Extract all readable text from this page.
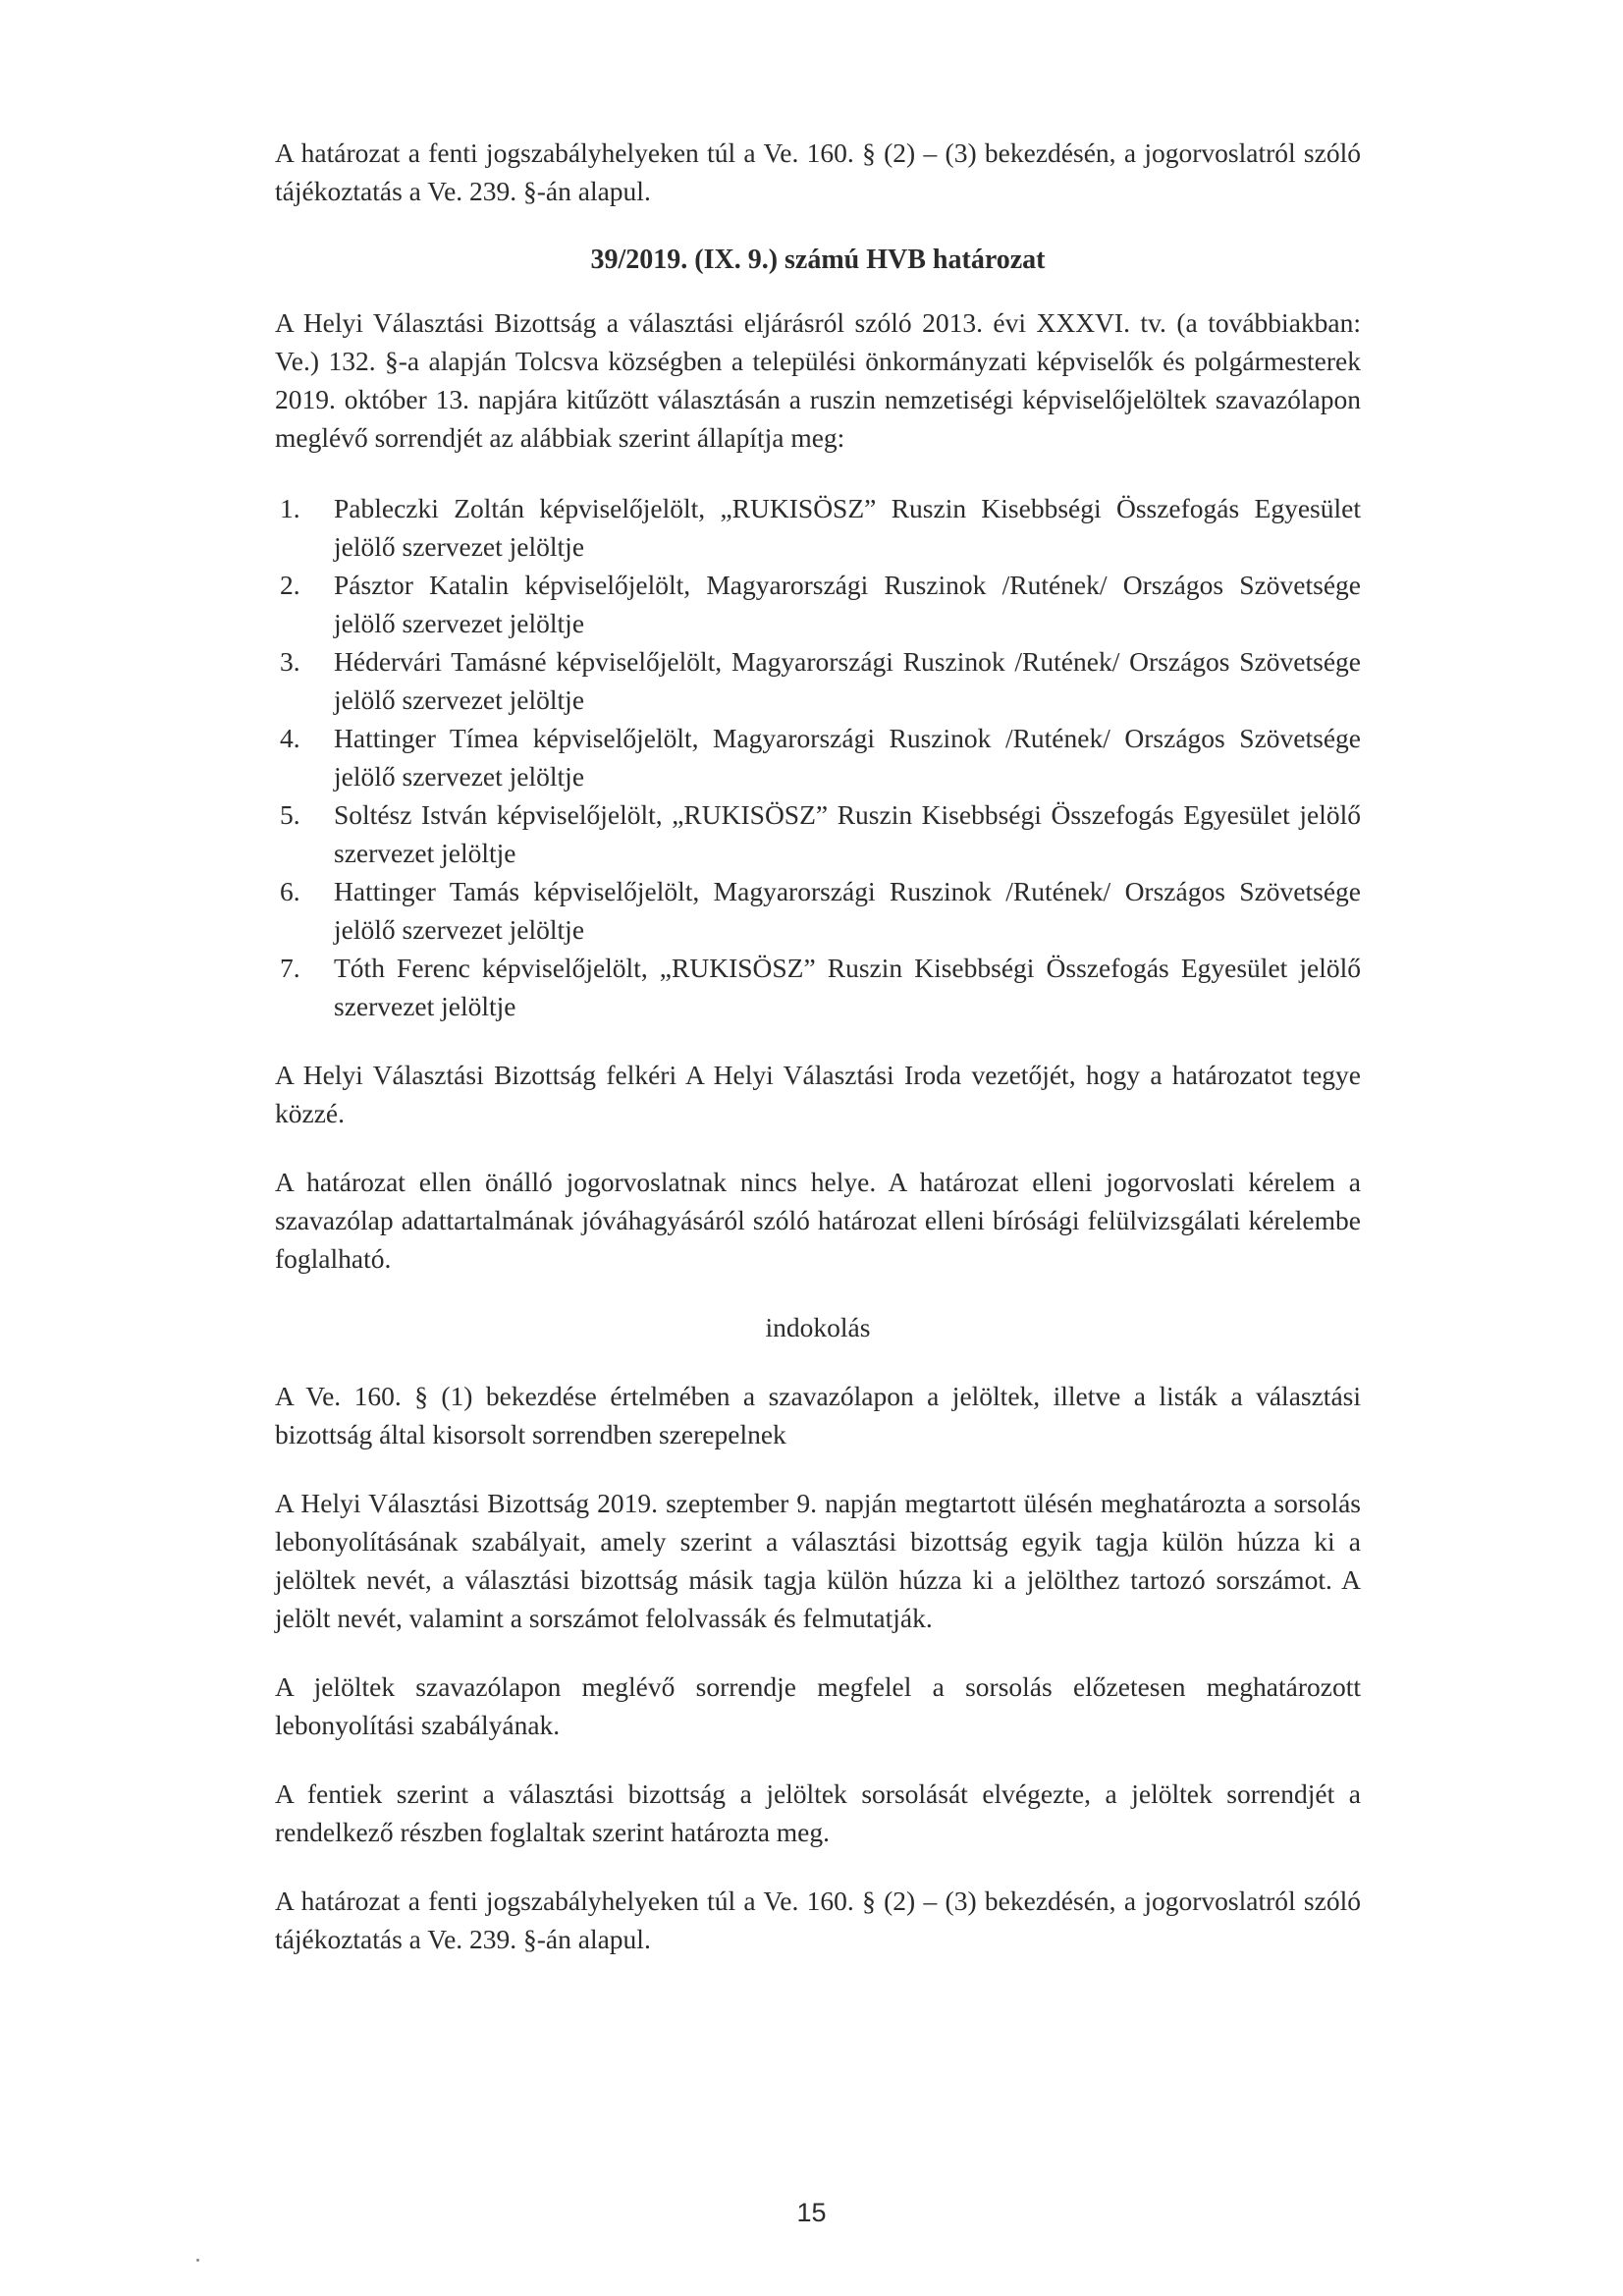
A határozat a fenti jogszabályhelyeken túl a Ve. 160. § (2) – (3) bekezdésén, a jogorvoslatról szóló tájékoztatás a Ve. 239. §-án alapul.

39/2019. (IX. 9.) számú HVB határozat

A Helyi Választási Bizottság a választási eljárásról szóló 2013. évi XXXVI. tv. (a továbbiakban: Ve.) 132. §-a alapján Tolcsva községben a települési önkormányzati képviselők és polgármesterek 2019. október 13. napjára kitűzött választásán a ruszin nemzetiségi képviselőjelöltek szavazólapon meglévő sorrendjét az alábbiak szerint állapítja meg:

1. Pableczki Zoltán képviselőjelölt, „RUKISÖSZ” Ruszin Kisebbségi Összefogás Egyesület jelölő szervezet jelöltje
2. Pásztor Katalin képviselőjelölt, Magyarországi Ruszinok /Rutének/ Országos Szövetsége jelölő szervezet jelöltje
3. Hédervári Tamásné képviselőjelölt, Magyarországi Ruszinok /Rutének/ Országos Szövetsége jelölő szervezet jelöltje
4. Hattinger Tímea képviselőjelölt, Magyarországi Ruszinok /Rutének/ Országos Szövetsége jelölő szervezet jelöltje
5. Soltész István képviselőjelölt, „RUKISÖSZ” Ruszin Kisebbségi Összefogás Egyesület jelölő szervezet jelöltje
6. Hattinger Tamás képviselőjelölt, Magyarországi Ruszinok /Rutének/ Országos Szövetsége jelölő szervezet jelöltje
7. Tóth Ferenc képviselőjelölt, „RUKISÖSZ” Ruszin Kisebbségi Összefogás Egyesület jelölő szervezet jelöltje

A Helyi Választási Bizottság felkéri A Helyi Választási Iroda vezetőjét, hogy a határozatot tegye közzé.

A határozat ellen önálló jogorvoslatnak nincs helye. A határozat elleni jogorvoslati kérelem a szavazólap adattartalmának jóváhagyásáról szóló határozat elleni bírósági felülvizsgálati kérelembe foglalható.

indokolás

A Ve. 160. § (1) bekezdése értelmében a szavazólapon a jelöltek, illetve a listák a választási bizottság által kisorsolt sorrendben szerepelnek

A Helyi Választási Bizottság 2019. szeptember 9. napján megtartott ülésén meghatározta a sorsolás lebonyolításának szabályait, amely szerint a választási bizottság egyik tagja külön húzza ki a jelöltek nevét, a választási bizottság másik tagja külön húzza ki a jelölthez tartozó sorszámot. A jelölt nevét, valamint a sorszámot felolvassák és felmutatják.

A jelöltek szavazólapon meglévő sorrendje megfelel a sorsolás előzetesen meghatározott lebonyolítási szabályának.

A fentiek szerint a választási bizottság a jelöltek sorsolását elvégezte, a jelöltek sorrendjét a rendelkező részben foglaltak szerint határozta meg.

A határozat a fenti jogszabályhelyeken túl a Ve. 160. § (2) – (3) bekezdésén, a jogorvoslatról szóló tájékoztatás a Ve. 239. §-án alapul.

15
